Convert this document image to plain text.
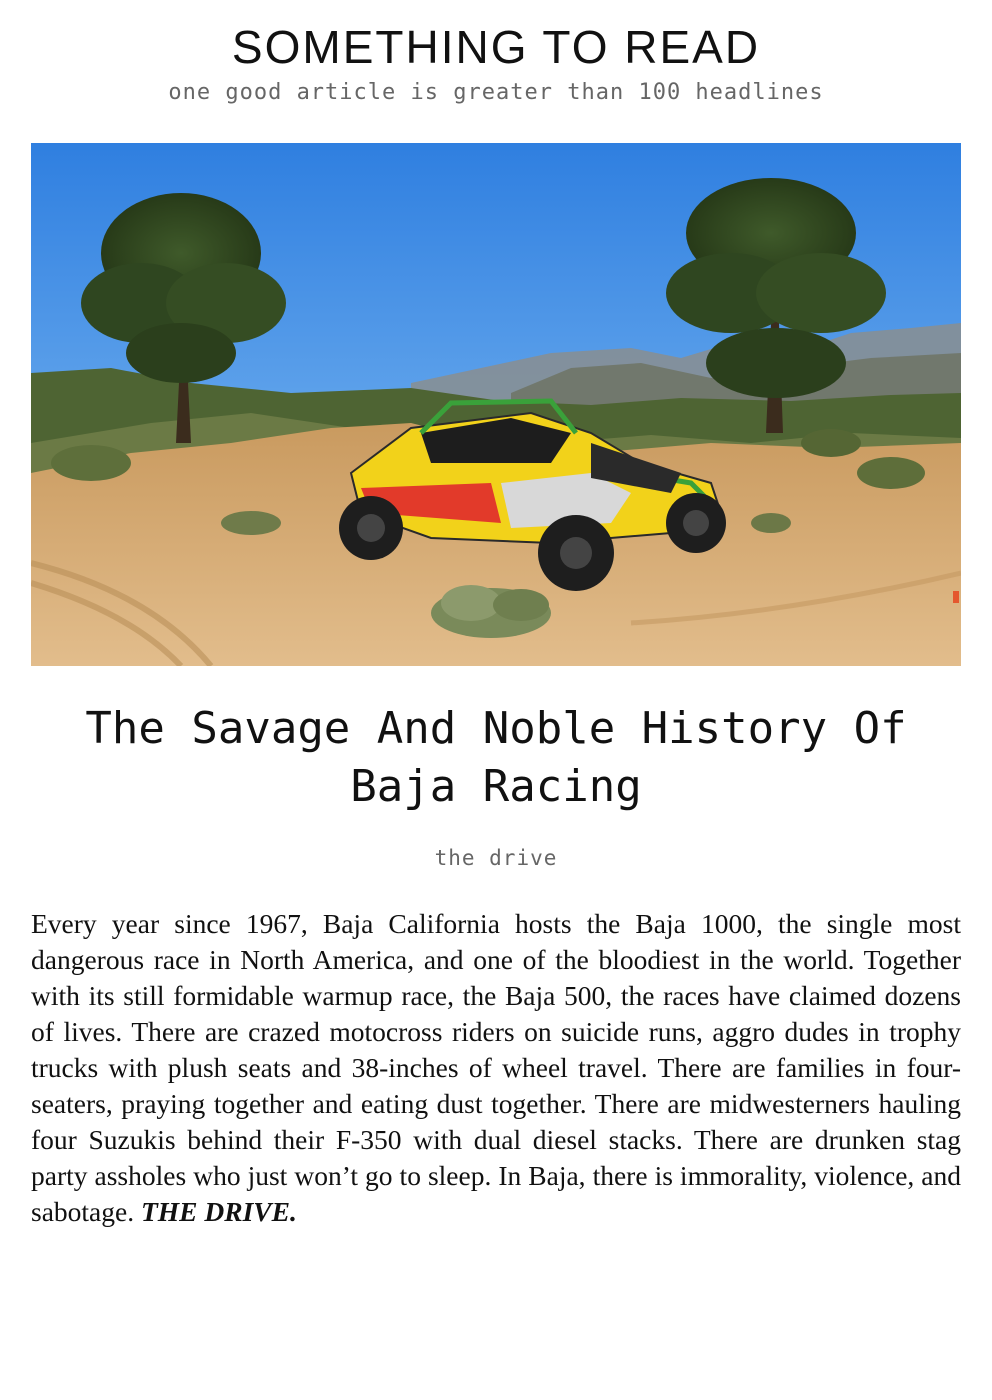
SOMETHING TO READ
one good article is greater than 100 headlines
The Savage And Noble History Of Baja Racing
the drive

Every year since 1967, Baja California hosts the Baja 1000, the single most dangerous race in North America, and one of the bloodiest in the world. Together with its still formidable warmup race, the Baja 500, the races have claimed dozens of lives. There are crazed motocross riders on suicide runs, aggro dudes in trophy trucks with plush seats and 38-inches of wheel travel. There are families in four-seaters, praying together and eating dust together. There are midwesterners hauling four Suzukis behind their F-350 with dual diesel stacks. There are drunken stag party assholes who just won’t go to sleep. In Baja, there is immorality, violence, and sabotage. THE DRIVE.
